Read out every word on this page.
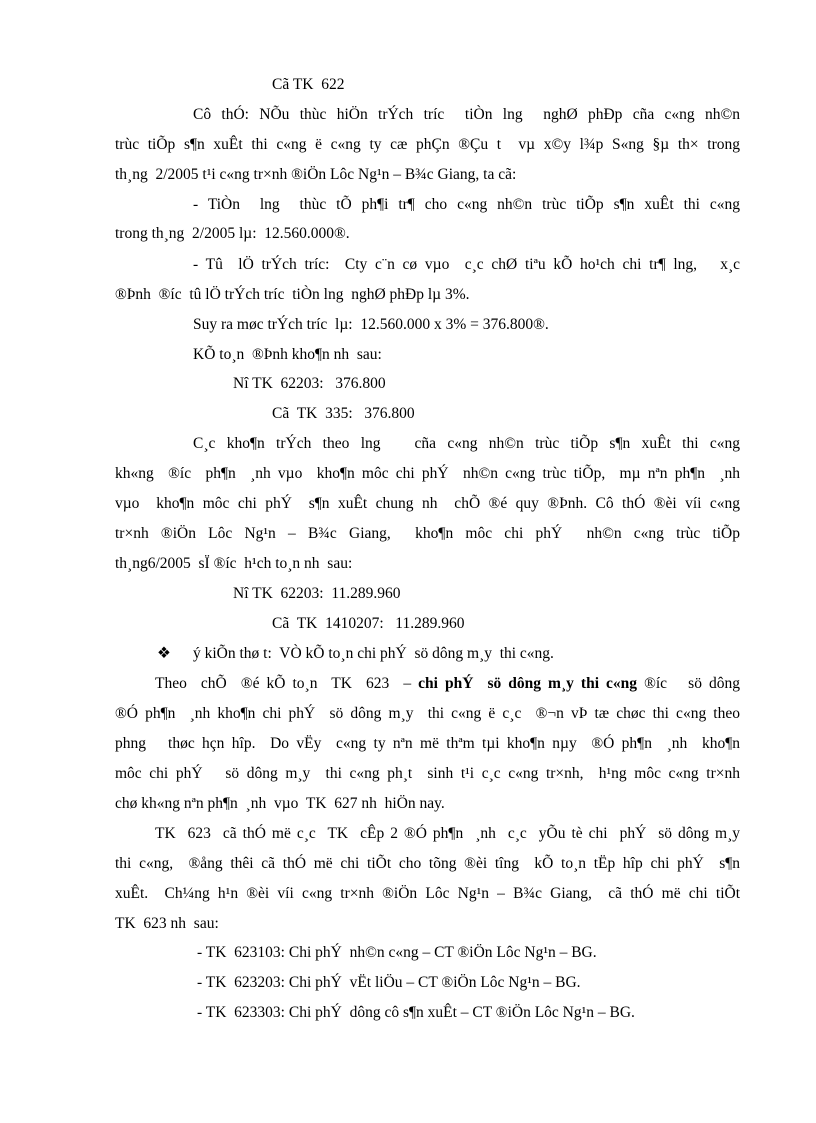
Cã TK  622
Cô thÓ: NÕu thùc hiÖn trÝch tríc  tiÒn lng  nghØ phÐp cña c«ng nh©n
trùc tiÕp s¶n xuÊt thi c«ng ë c«ng ty cæ phÇn ®Çu t  vµ x©y l¾p S«ng §µ th× trong
th¸ng  2/2005 t¹i c«ng tr×nh ®iÖn Lôc Ng¹n – B¾c Giang, ta cã:
- TiÒn  lng  thùc tÕ ph¶i tr¶ cho c«ng nh©n trùc tiÕp s¶n xuÊt thi c«ng
trong th¸ng  2/2005 lµ:  12.560.000®.
- Tû  lÖ trÝch tríc:  Cty c¨n cø vµo  c¸c chØ tiªu kÕ ho¹ch chi tr¶ lng,   x¸c
®Þnh  ®íc  tû lÖ trÝch tríc  tiÒn lng  nghØ phÐp lµ 3%.
Suy ra møc trÝch tríc  lµ:  12.560.000 x 3% = 376.800®.
KÕ to¸n  ®Þnh kho¶n nh  sau:
Nî TK  62203:   376.800
Cã  TK  335:   376.800
C¸c kho¶n trÝch theo lng   cña c«ng nh©n trùc tiÕp s¶n xuÊt thi c«ng
kh«ng  ®íc  ph¶n  ¸nh vµo  kho¶n môc chi phÝ  nh©n c«ng trùc tiÕp,  mµ nªn ph¶n  ¸nh
vµo  kho¶n môc chi phÝ  s¶n xuÊt chung nh  chÕ ®é quy ®Þnh. Cô thÓ ®èi víi c«ng
tr×nh ®iÖn Lôc Ng¹n – B¾c Giang,  kho¶n môc chi phÝ  nh©n c«ng trùc tiÕp
th¸ng6/2005  sÏ ®íc  h¹ch to¸n nh  sau:
Nî TK  62203:  11.289.960
Cã  TK  1410207:   11.289.960
❖ ý kiÕn thø t:  VÒ kÕ to¸n chi phÝ  sö dông m¸y  thi c«ng.
Theo  chÕ  ®é kÕ to¸n  TK  623  – chi phÝ  sö dông m¸y thi c«ng ®íc   sö dông
®Ó ph¶n  ¸nh kho¶n chi phÝ  sö dông m¸y  thi c«ng ë c¸c  ®¬n vÞ tæ chøc thi c«ng theo
phng   thøc hçn hîp.  Do vËy  c«ng ty nªn më thªm tµi kho¶n nµy  ®Ó ph¶n  ¸nh  kho¶n
môc chi phÝ   sö dông m¸y  thi c«ng ph¸t  sinh t¹i c¸c c«ng tr×nh,  h¹ng môc c«ng tr×nh
chø kh«ng nªn ph¶n  ¸nh  vµo  TK  627 nh  hiÖn nay.
TK  623  cã thÓ më c¸c  TK  cÊp 2 ®Ó ph¶n  ¸nh  c¸c  yÕu tè chi  phÝ  sö dông m¸y
thi c«ng,  ®ång thêi cã thÓ më chi tiÕt cho tõng ®èi tîng  kÕ to¸n tËp hîp chi phÝ  s¶n
xuÊt.  Ch¼ng h¹n ®èi víi c«ng tr×nh ®iÖn Lôc Ng¹n – B¾c Giang,  cã thÓ më chi tiÕt
TK  623 nh  sau:
- TK  623103: Chi phÝ  nh©n c«ng – CT ®iÖn Lôc Ng¹n – BG.
- TK  623203: Chi phÝ  vËt liÖu – CT ®iÖn Lôc Ng¹n – BG.
- TK  623303: Chi phÝ  dông cô s¶n xuÊt – CT ®iÖn Lôc Ng¹n – BG.
